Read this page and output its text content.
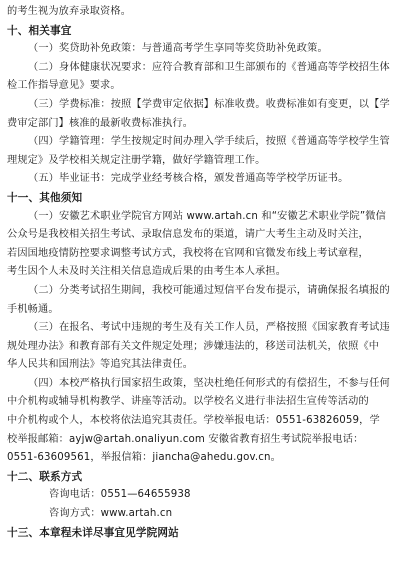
的考生视为放弃录取资格。
十、相关事宜
（一）奖贷助补免政策：与普通高考学生享同等奖贷助补免政策。
（二）身体健康状况要求：应符合教育部和卫生部颁布的《普通高等学校招生体
检工作指导意见》要求。
（三）学费标准：按照【学费审定依据】标准收费。收费标准如有变更，以【学
费审定部门】核准的最新收费标准执行。
（四）学籍管理：学生按规定时间办理入学手续后，按照《普通高等学校学生管
理规定》及学校相关规定注册学籍，做好学籍管理工作。
（五）毕业证书：完成学业经考核合格，颁发普通高等学校学历证书。
十一、其他须知
（一）安徽艺术职业学院官方网站 www.artah.cn 和“安徽艺术职业学院”微信
公众号是我校相关招生考试、录取信息发布的渠道，请广大考生主动及时关注，
若因国地疫情防控要求调整考试方式，我校将在官网和官微发布线上考试章程，
考生因个人未及时关注相关信息造成后果的由考生本人承担。
（二）分类考试招生期间，我校可能通过短信平台发布提示，请确保报名填报的
手机畅通。
（三）在报名、考试中违规的考生及有关工作人员，严格按照《国家教育考试违
规处理办法》和教育部有关文件规定处理；涉嫌违法的，移送司法机关，依照《中
华人民共和国刑法》等追究其法律责任。
（四）本校严格执行国家招生政策，坚决杜绝任何形式的有偿招生，不参与任何
中介机构或辅导机构教学、讲座等活动。以学校名义进行非法招生宣传等活动的
中介机构或个人，本校将依法追究其责任。学校举报电话：0551-63826059，学
校举报邮箱：ayjw@artah.onaliyun.com 安徽省教育招生考试院举报电话：
0551-63609561，举报信箱：jiancha@ahedu.gov.cn。
十二、联系方式
咨询电话：0551—64655938
咨询方式：www.artah.cn
十三、本章程未详尽事宜见学院网站
